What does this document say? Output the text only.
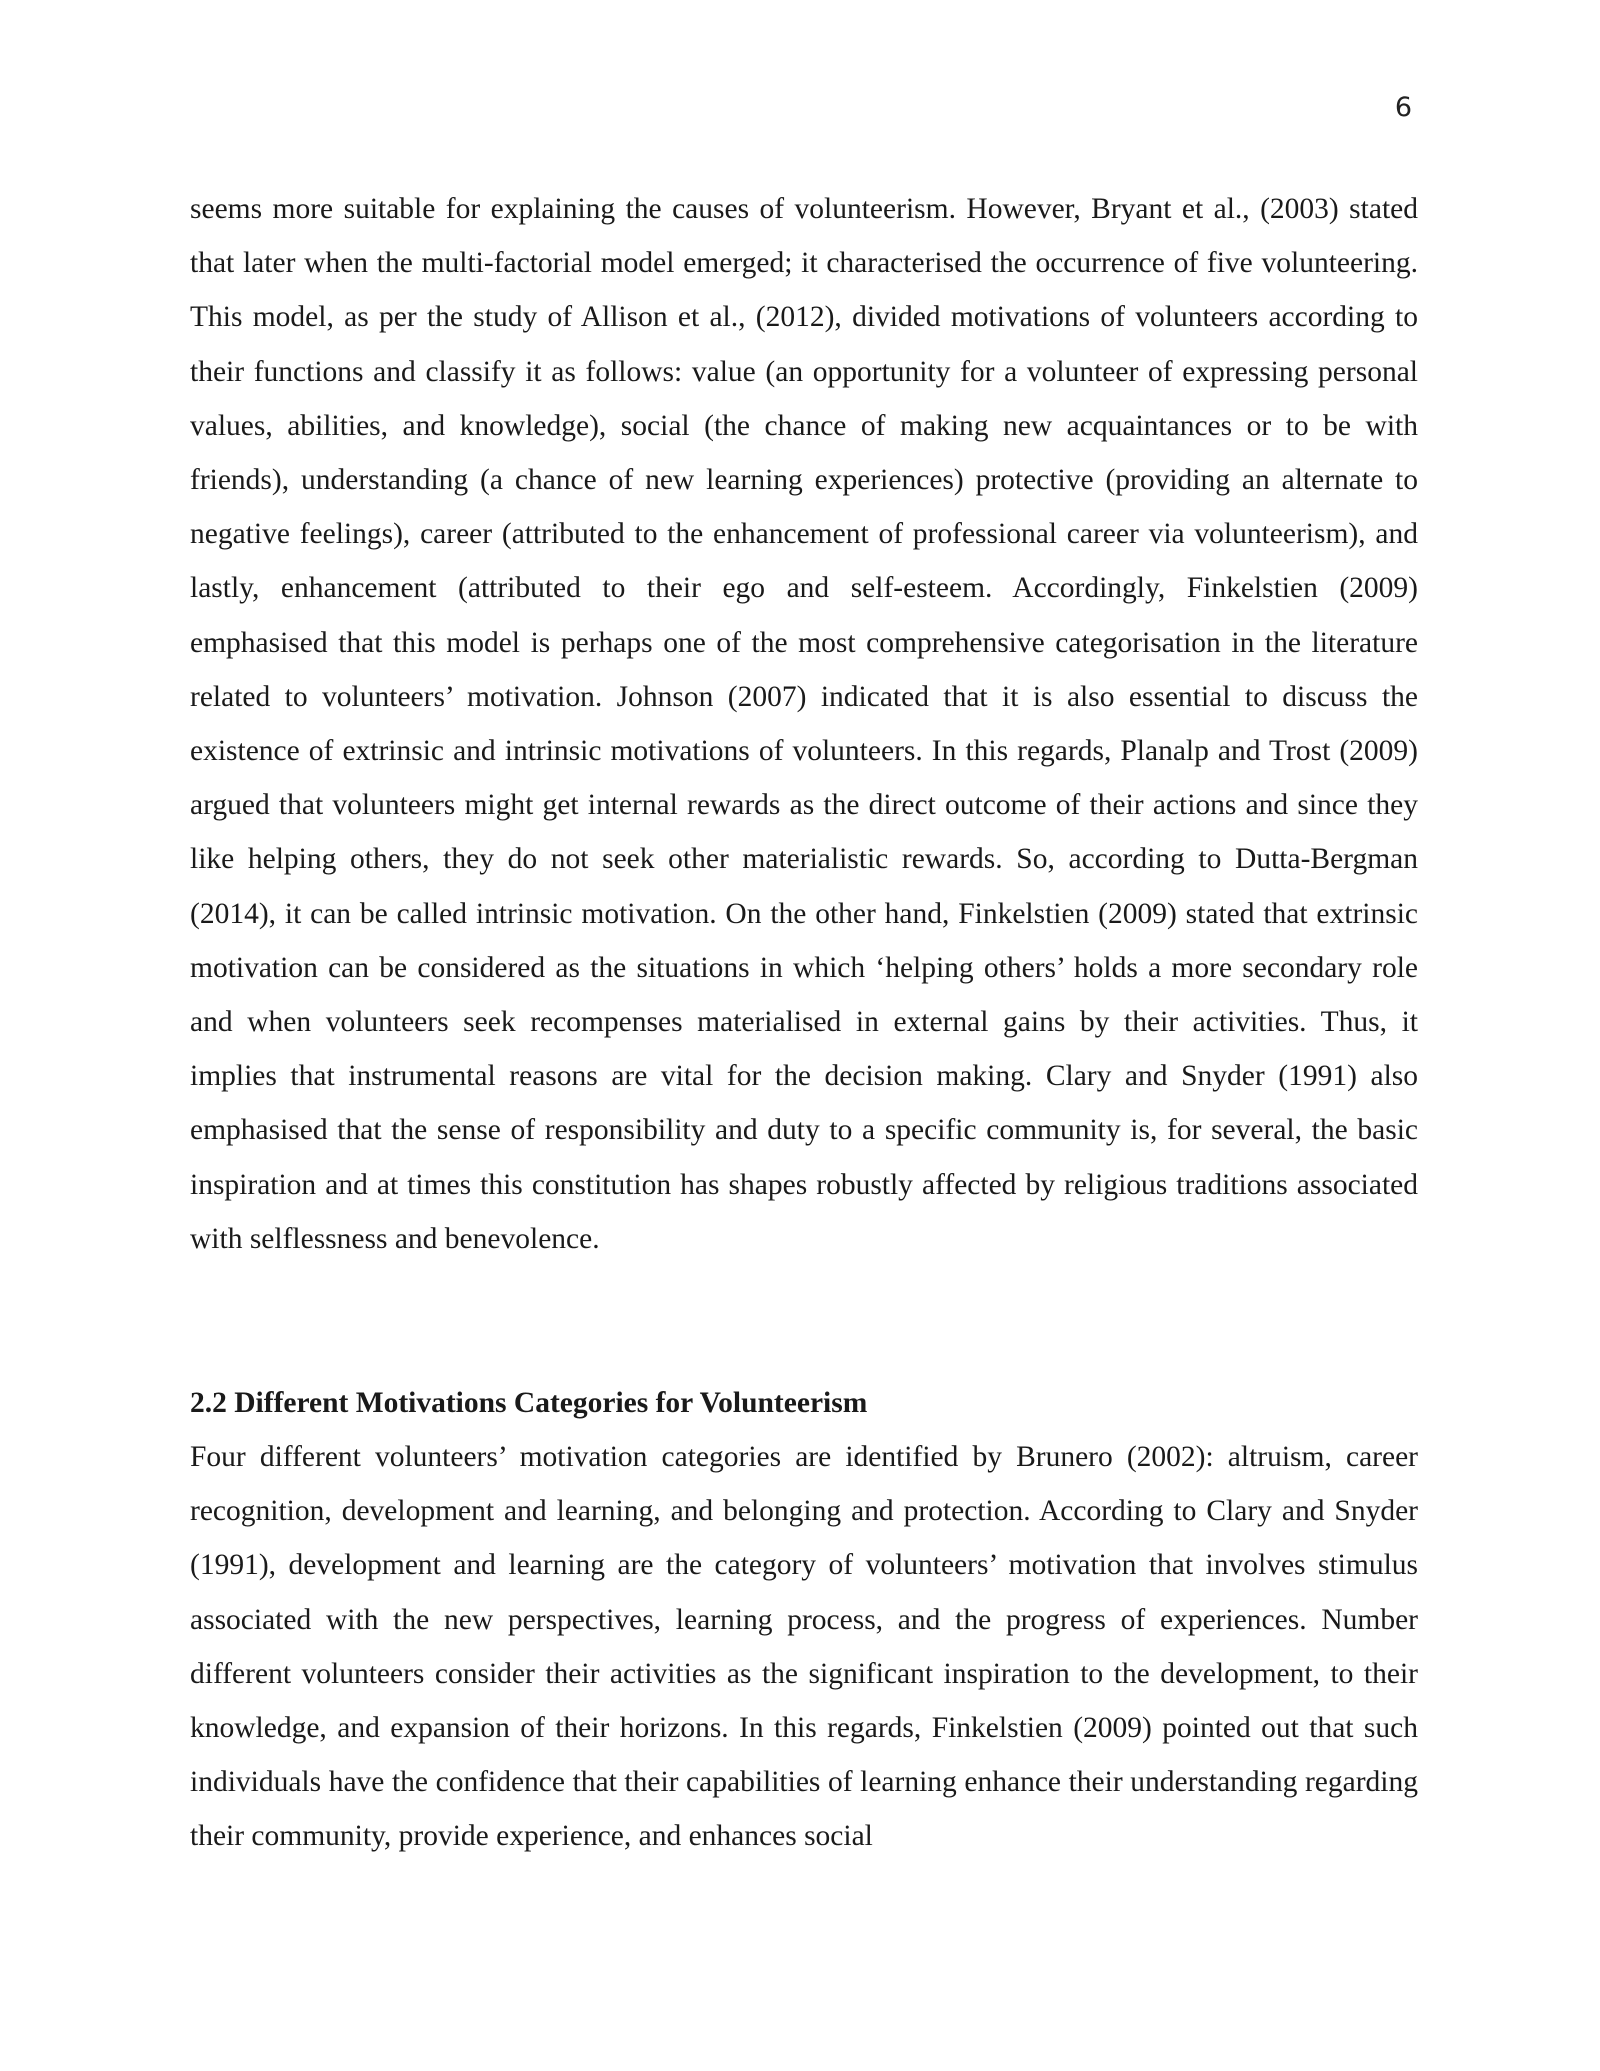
6

seems more suitable for explaining the causes of volunteerism. However, Bryant et al., (2003) stated that later when the multi-factorial model emerged; it characterised the occurrence of five volunteering. This model, as per the study of Allison et al., (2012), divided motivations of volunteers according to their functions and classify it as follows: value (an opportunity for a volunteer of expressing personal values, abilities, and knowledge), social (the chance of making new acquaintances or to be with friends), understanding (a chance of new learning experiences) protective (providing an alternate to negative feelings), career (attributed to the enhancement of professional career via volunteerism), and lastly, enhancement (attributed to their ego and self-esteem. Accordingly, Finkelstien (2009) emphasised that this model is perhaps one of the most comprehensive categorisation in the literature related to volunteers’ motivation. Johnson (2007) indicated that it is also essential to discuss the existence of extrinsic and intrinsic motivations of volunteers. In this regards, Planalp and Trost (2009) argued that volunteers might get internal rewards as the direct outcome of their actions and since they like helping others, they do not seek other materialistic rewards. So, according to Dutta-Bergman (2014), it can be called intrinsic motivation. On the other hand, Finkelstien (2009) stated that extrinsic motivation can be considered as the situations in which ‘helping others’ holds a more secondary role and when volunteers seek recompenses materialised in external gains by their activities. Thus, it implies that instrumental reasons are vital for the decision making. Clary and Snyder (1991) also emphasised that the sense of responsibility and duty to a specific community is, for several, the basic inspiration and at times this constitution has shapes robustly affected by religious traditions associated with selflessness and benevolence.

2.2 Different Motivations Categories for Volunteerism

Four different volunteers’ motivation categories are identified by Brunero (2002): altruism, career recognition, development and learning, and belonging and protection. According to Clary and Snyder (1991), development and learning are the category of volunteers’ motivation that involves stimulus associated with the new perspectives, learning process, and the progress of experiences. Number different volunteers consider their activities as the significant inspiration to the development, to their knowledge, and expansion of their horizons. In this regards, Finkelstien (2009) pointed out that such individuals have the confidence that their capabilities of learning enhance their understanding regarding their community, provide experience, and enhances social
